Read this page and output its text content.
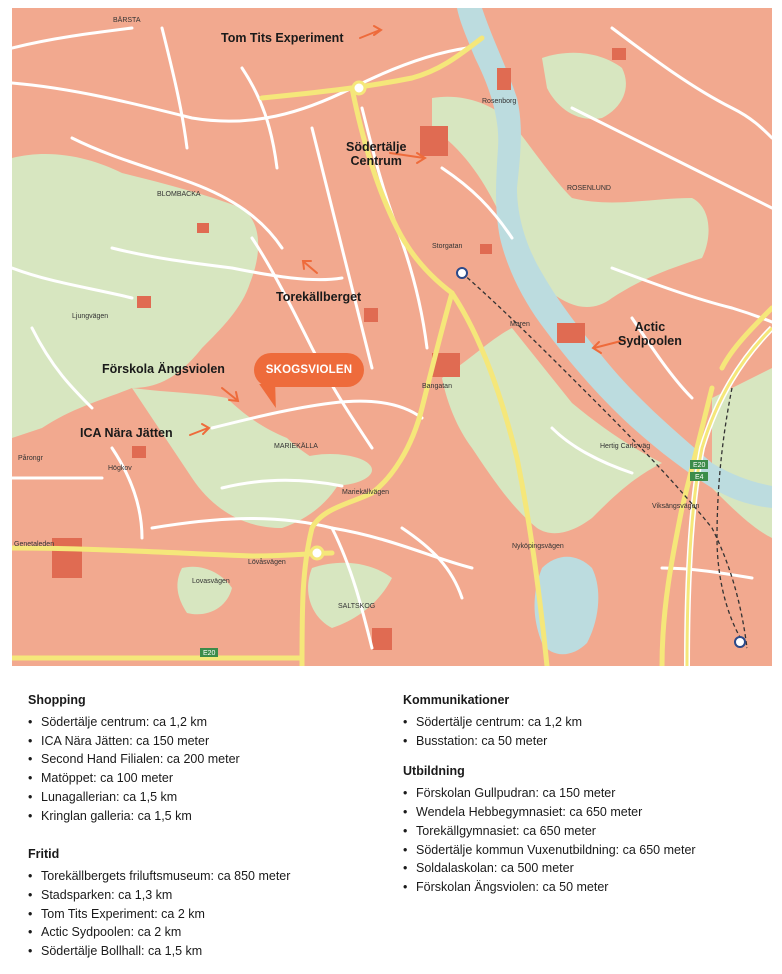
BÄRSTA
BLOMBACKA
ROSENLUND
MARIEKÄLLA
SALTSKOG
Maren
Genetaleden
Lövåsvägen
Hertig Carls väg
Mariekällvägen
Pårongr
Högkov
Rosenborg
Bangatan
Storgatan
Lovasvägen
Nyköpingsvägen
Viksängsvägen
Ljungvägen
E20
E4
E20
Tom Tits Experiment
Södertälje
Centrum
Torekällberget
Förskola Ängsviolen
ICA Nära Jätten
Actic
Sydpoolen
SKOGSVIOLEN
Shopping
• Södertälje centrum: ca 1,2 km
• ICA Nära Jätten: ca 150 meter
• Second Hand Filialen: ca 200 meter
• Matöppet: ca 100 meter
• Lunagallerian: ca 1,5 km
• Kringlan galleria: ca 1,5 km
Fritid
• Torekällbergets friluftsmuseum: ca 850 meter
• Stadsparken: ca 1,3 km
• Tom Tits Experiment: ca 2 km
• Actic Sydpoolen: ca 2 km
• Södertälje Bollhall: ca 1,5 km
Kommunikationer
• Södertälje centrum: ca 1,2 km
• Busstation: ca 50 meter
Utbildning
• Förskolan Gullpudran: ca 150 meter
• Wendela Hebbegymnasiet: ca 650 meter
• Torekällgymnasiet: ca 650 meter
• Södertälje kommun Vuxenutbildning: ca 650 meter
• Soldalaskolan: ca 500 meter
• Förskolan Ängsviolen: ca 50 meter
